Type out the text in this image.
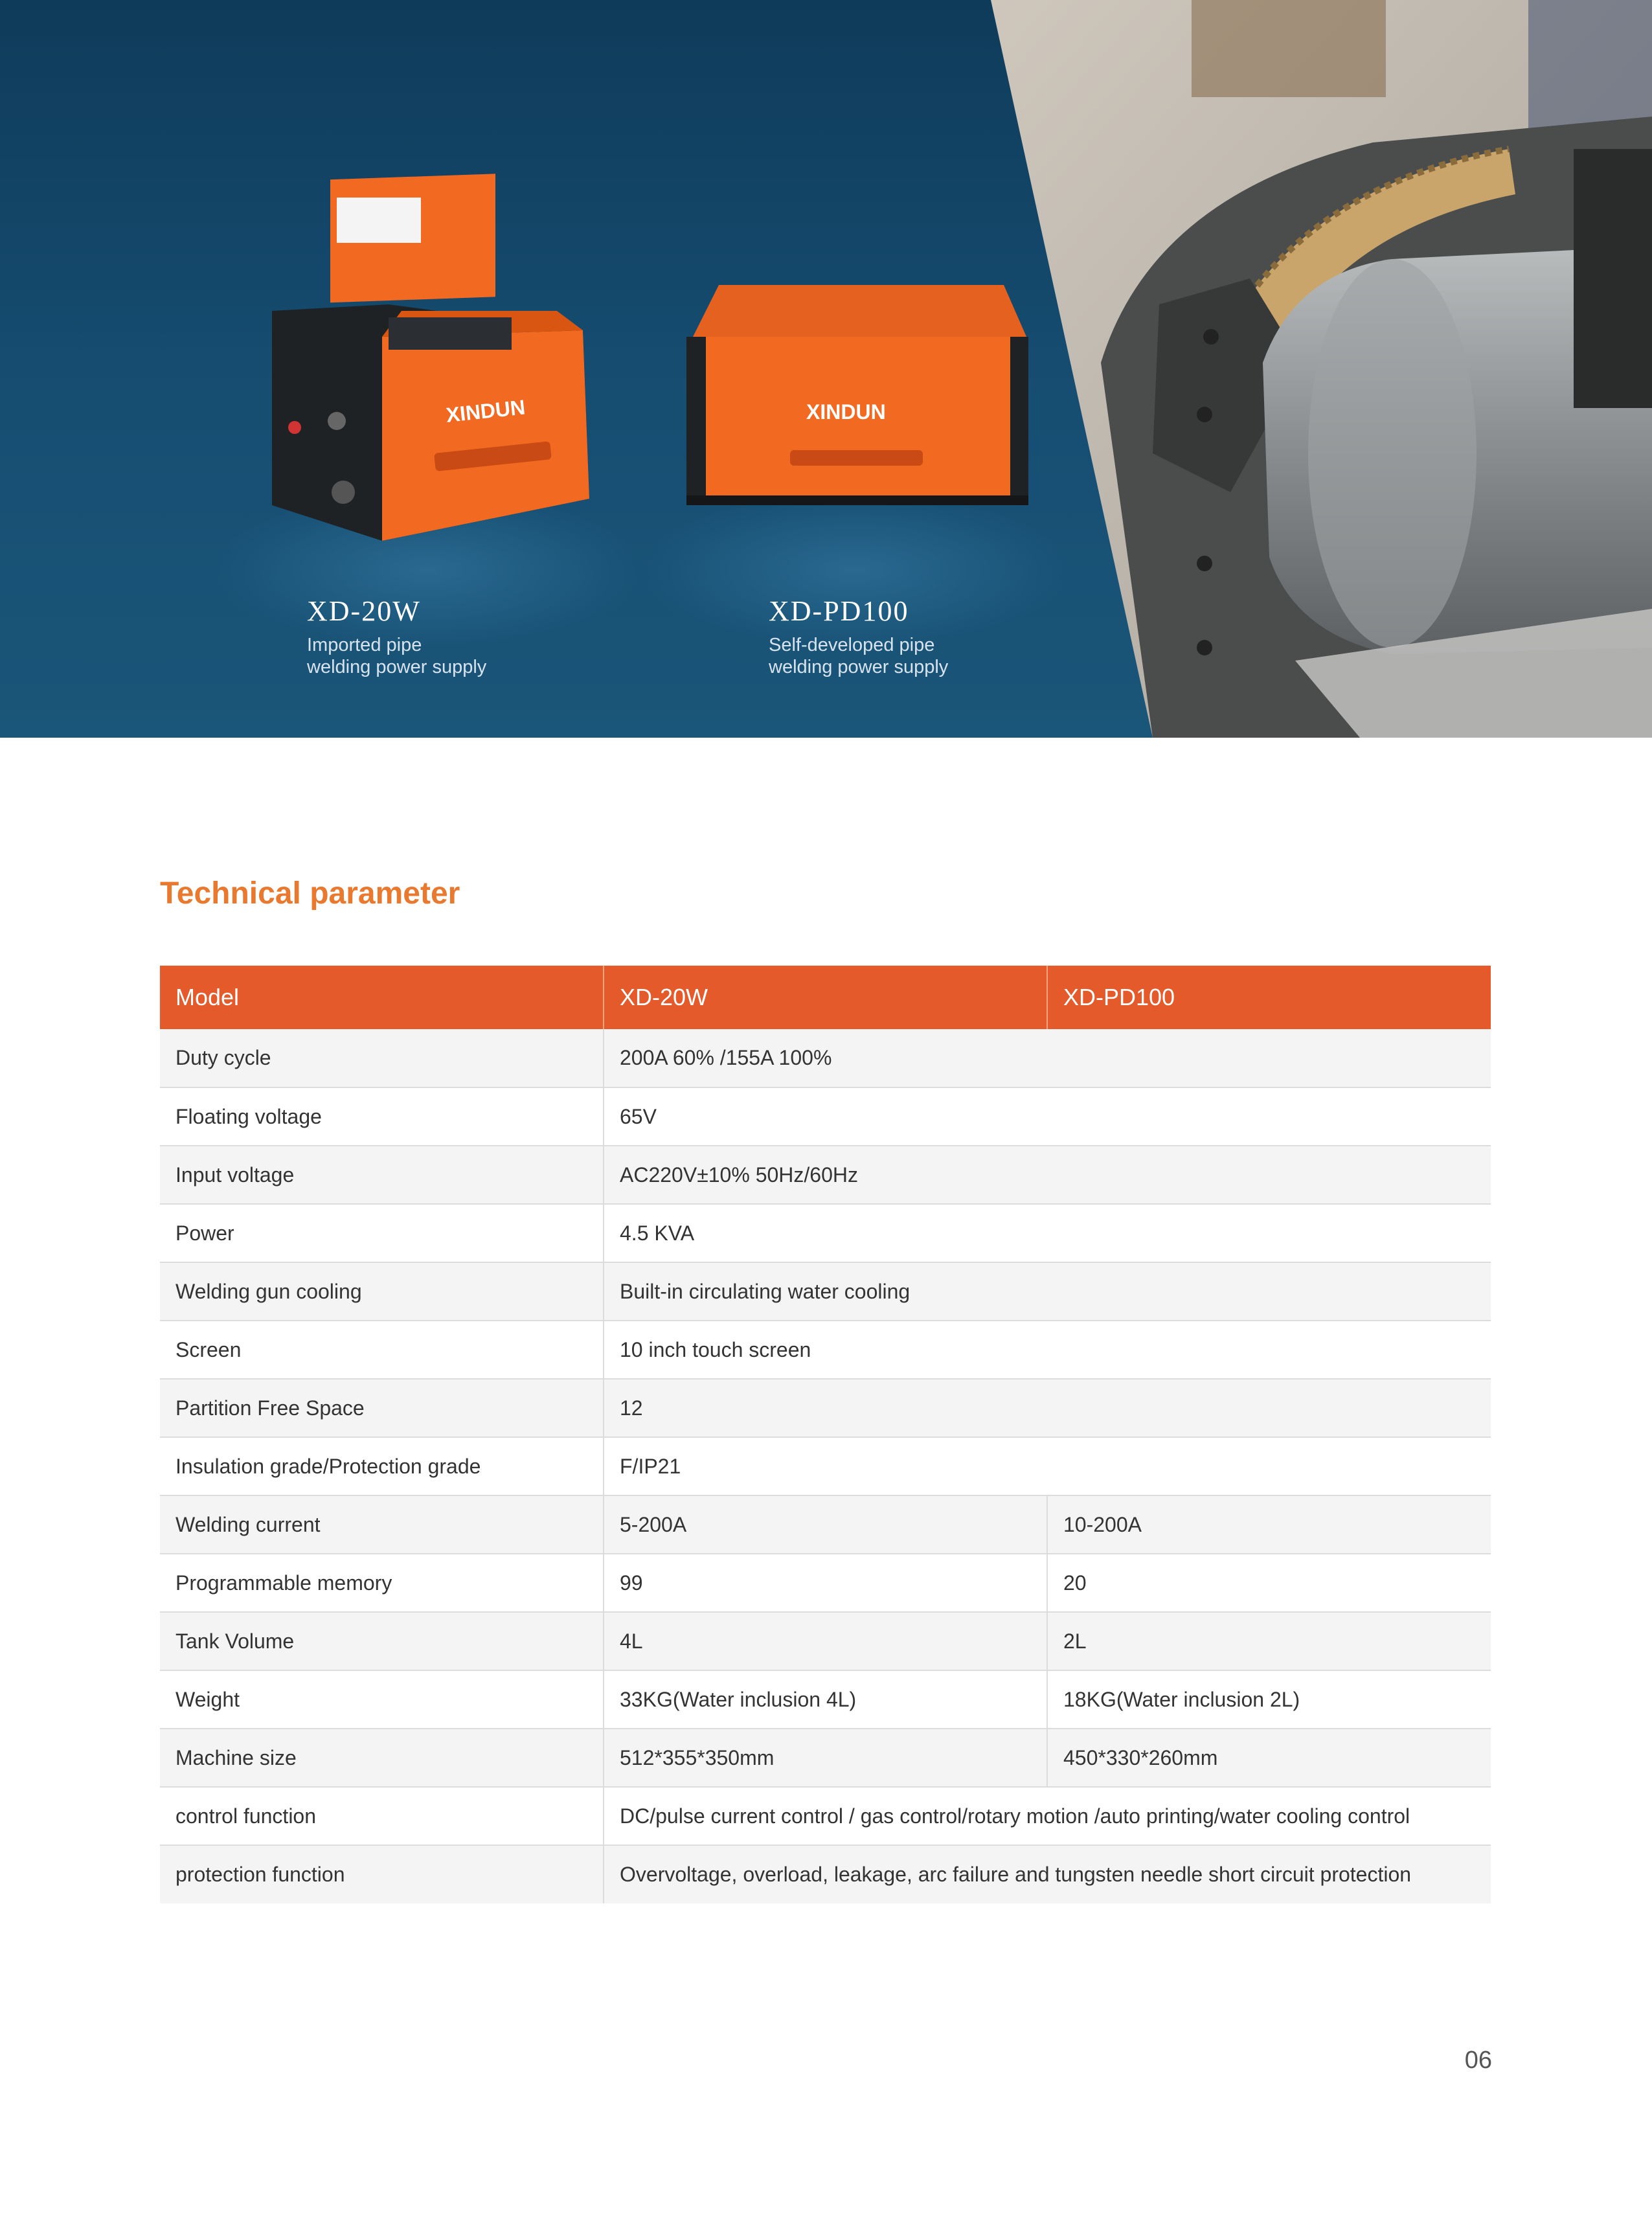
XINDUN	XINDUN
XD-20W
Imported pipe
welding power supply
XD-PD100
Self-developed pipe
welding power supply
Technical parameter
Model	XD-20W	XD-PD100
Duty cycle	200A 60% /155A 100%	
Floating voltage	65V	
Input voltage	AC220V±10% 50Hz/60Hz	
Power	4.5 KVA	
Welding gun cooling	Built-in circulating water cooling	
Screen	10 inch touch screen	
Partition Free Space	12	
Insulation grade/Protection grade	F/IP21	
Welding current	5-200A	10-200A
Programmable memory	99	20
Tank Volume	4L	2L
Weight	33KG(Water inclusion 4L)	18KG(Water inclusion 2L)
Machine size	512*355*350mm	450*330*260mm
control function	DC/pulse current control / gas control/rotary motion /auto printing/water cooling control	
protection function	Overvoltage, overload, leakage, arc failure and tungsten needle short circuit protection	
06
